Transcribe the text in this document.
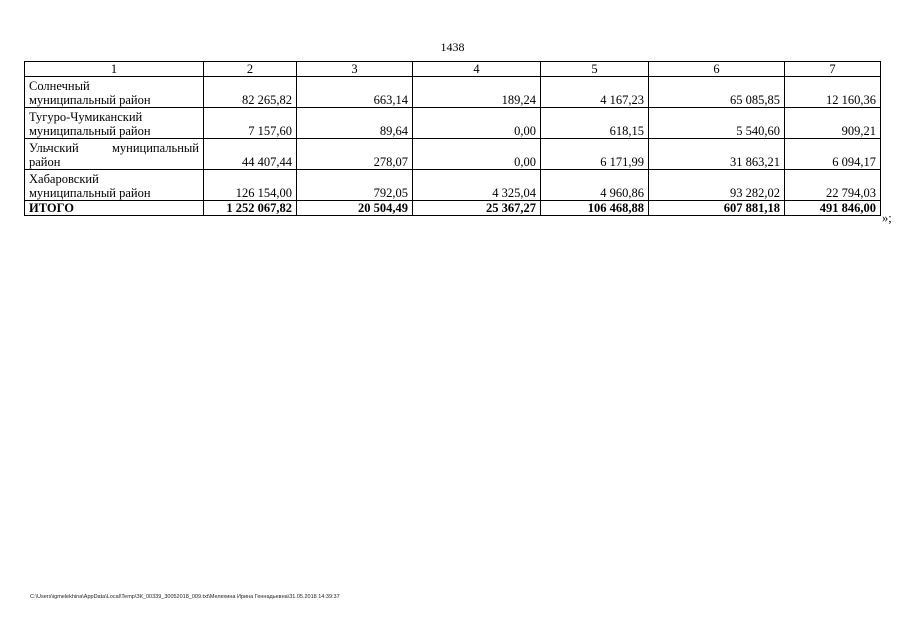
1438
1	2	3	4	5	6	7

Солнечный
муниципальный район	82 265,82	663,14	189,24	4 167,23	65 085,85	12 160,36

Тугуро-Чумиканский
муниципальный район	7 157,60	89,64	0,00	618,15	5 540,60	909,21

Ульчский муниципальный
район	44 407,44	278,07	0,00	6 171,99	31 863,21	6 094,17

Хабаровский
муниципальный район	126 154,00	792,05	4 325,04	4 960,86	93 282,02	22 794,03
ИТОГО	1 252 067,82	20 504,49	25 367,27	106 468,88	607 881,18	491 846,00
»;
C:\Users\igmelekhina\AppData\Local\Temp\ЗК_00339_30052018_009.txt\Мелехина Ирина Геннадьевна\31.05.2018 14:39:37
